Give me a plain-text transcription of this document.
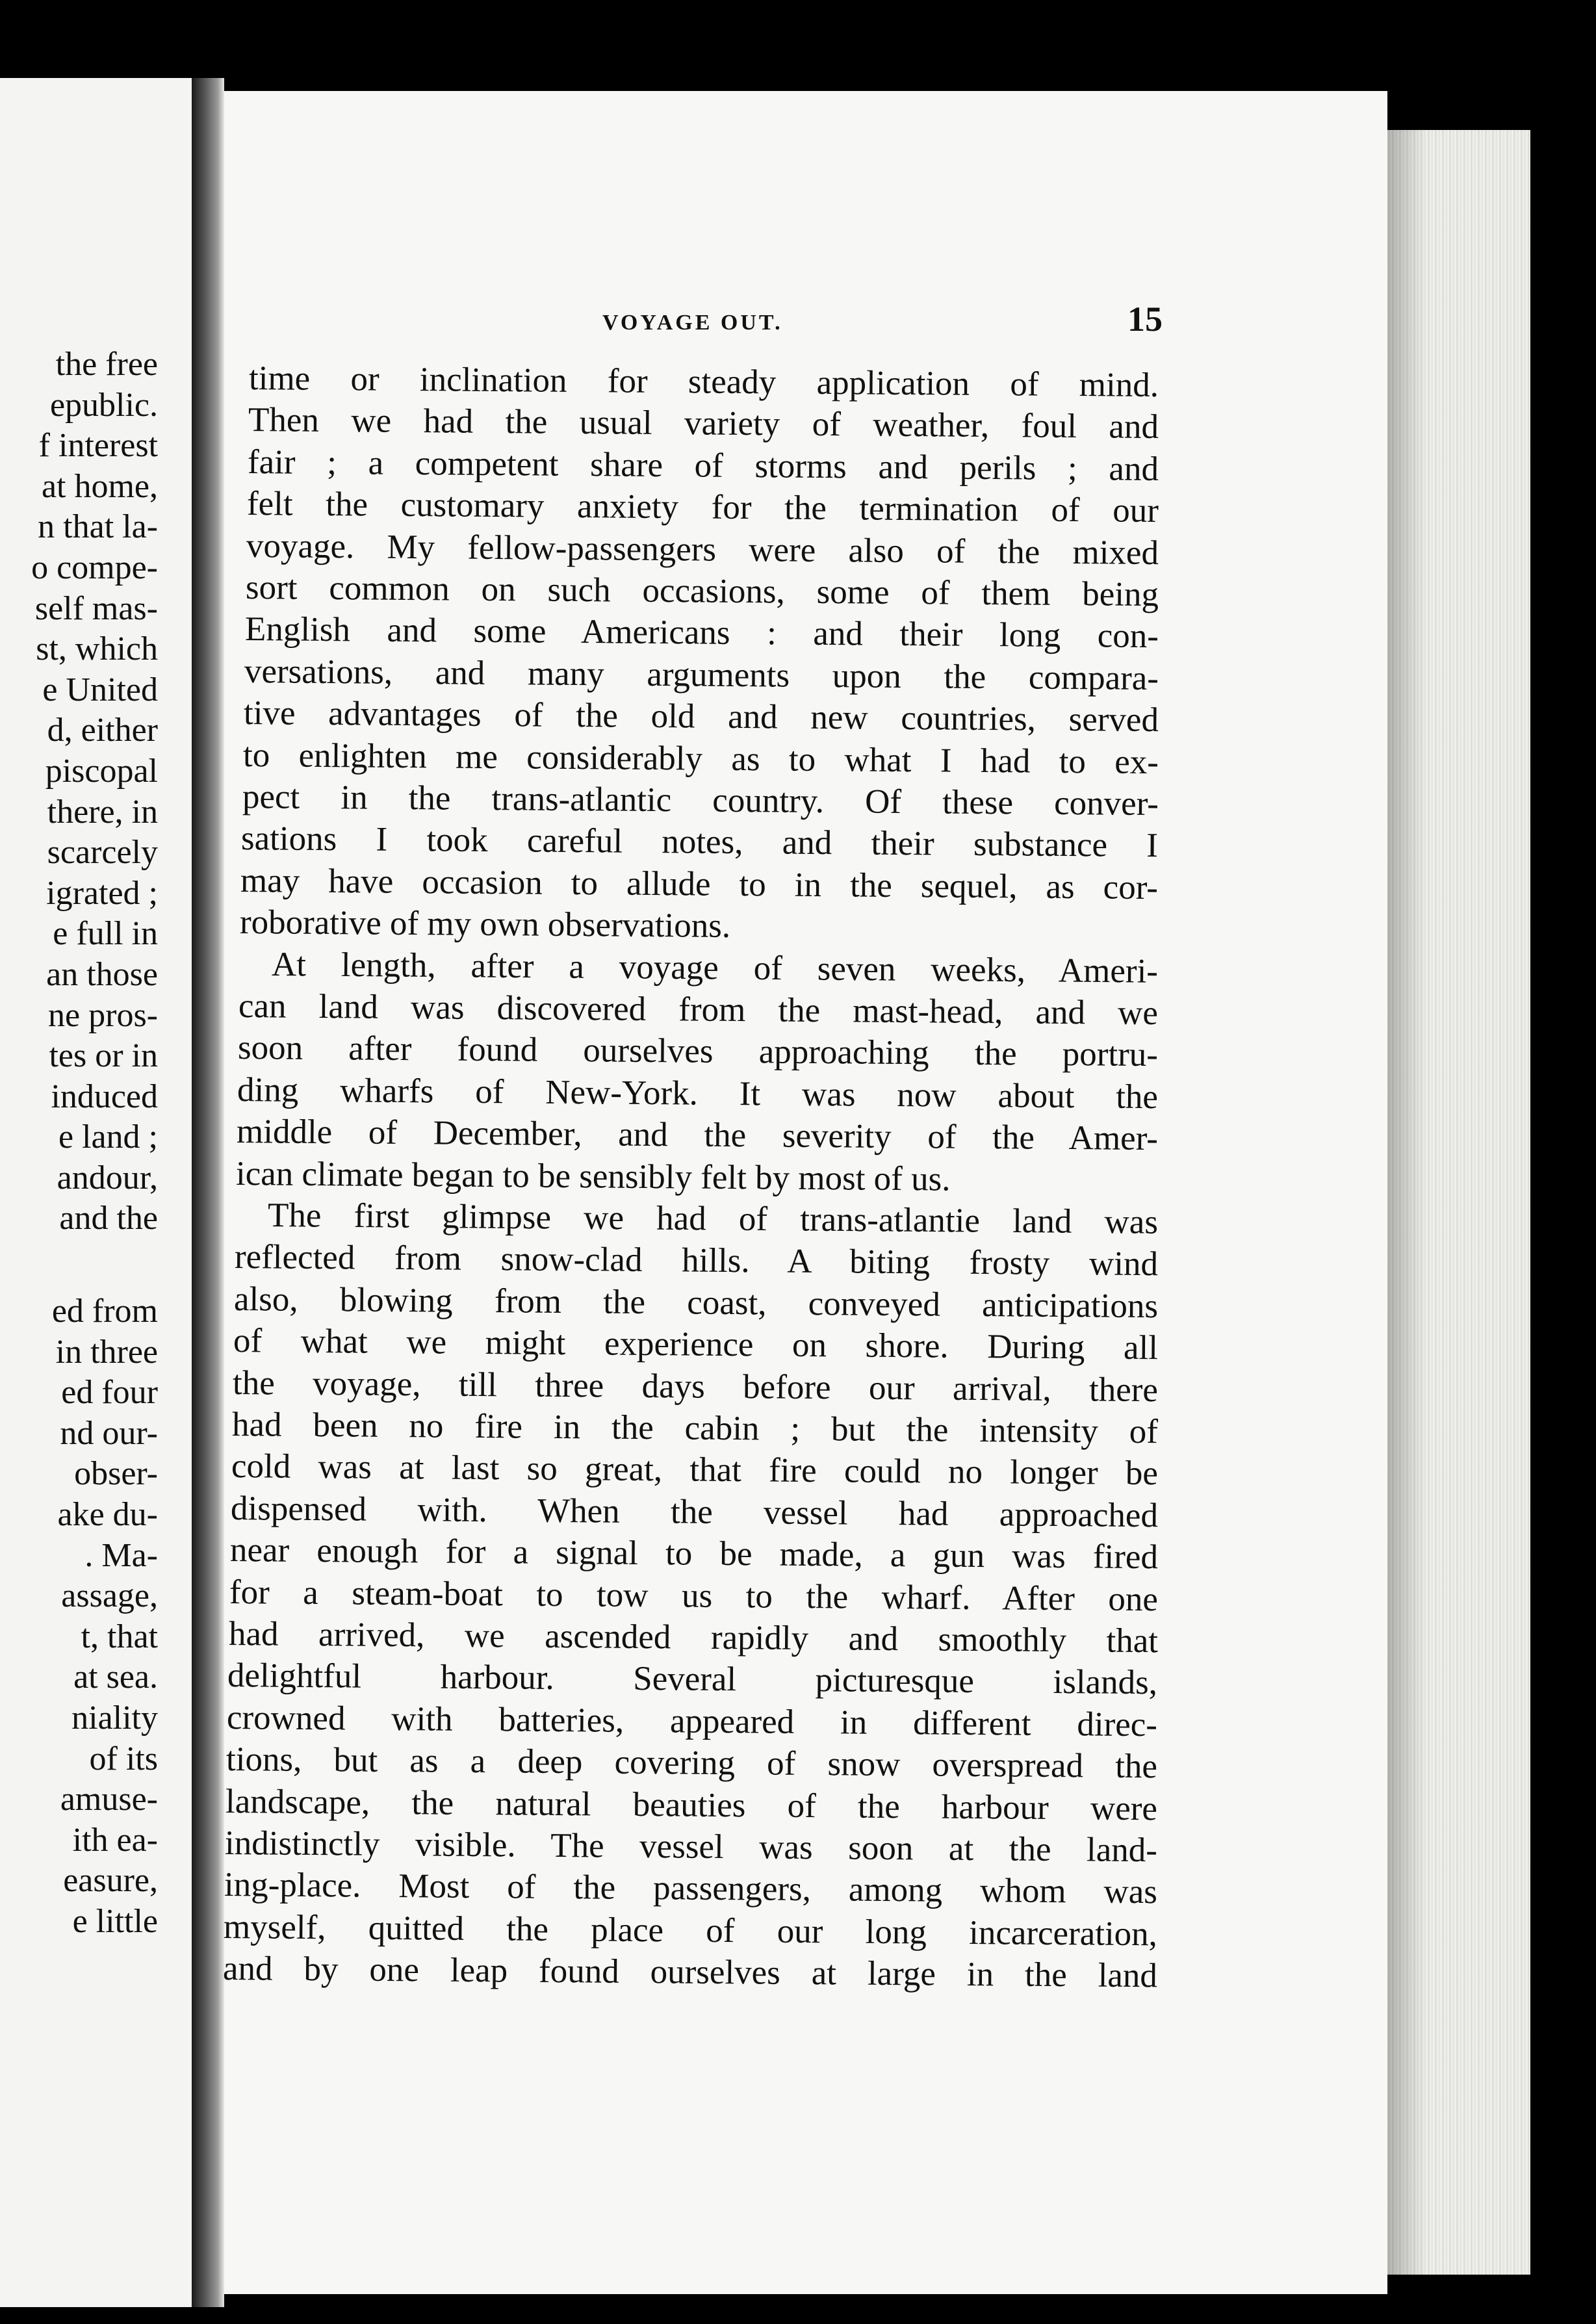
the free
epublic.
f interest
at home,
n that la-
o compe-
self mas-
st, which
e United
d, either
piscopal
there, in
scarcely
igrated ;
e full in
an those
ne pros-
tes or in
induced
e land ;
andour,
and the
ed from
in three
ed four
nd our-
obser-
ake du-
. Ma-
assage,
t, that
at sea.
niality
of its
amuse-
ith ea-
easure,
e little
VOYAGE OUT.	15
time or inclination for steady application of mind.
Then we had the usual variety of weather, foul and
fair ; a competent share of storms and perils ; and
felt the customary anxiety for the termination of our
voyage. My fellow-passengers were also of the mixed
sort common on such occasions, some of them being
English and some Americans : and their long con-
versations, and many arguments upon the compara-
tive advantages of the old and new countries, served
to enlighten me considerably as to what I had to ex-
pect in the trans-atlantic country. Of these conver-
sations I took careful notes, and their substance I
may have occasion to allude to in the sequel, as cor-
roborative of my own observations.
At length, after a voyage of seven weeks, Ameri-
can land was discovered from the mast-head, and we
soon after found ourselves approaching the portru-
ding wharfs of New-York. It was now about the
middle of December, and the severity of the Amer-
ican climate began to be sensibly felt by most of us.
The first glimpse we had of trans-atlantie land was
reflected from snow-clad hills. A biting frosty wind
also, blowing from the coast, conveyed anticipations
of what we might experience on shore. During all
the voyage, till three days before our arrival, there
had been no fire in the cabin ; but the intensity of
cold was at last so great, that fire could no longer be
dispensed with. When the vessel had approached
near enough for a signal to be made, a gun was fired
for a steam-boat to tow us to the wharf. After one
had arrived, we ascended rapidly and smoothly that
delightful harbour. Several picturesque islands,
crowned with batteries, appeared in different direc-
tions, but as a deep covering of snow overspread the
landscape, the natural beauties of the harbour were
indistinctly visible. The vessel was soon at the land-
ing-place. Most of the passengers, among whom was
myself, quitted the place of our long incarceration,
and by one leap found ourselves at large in the land
